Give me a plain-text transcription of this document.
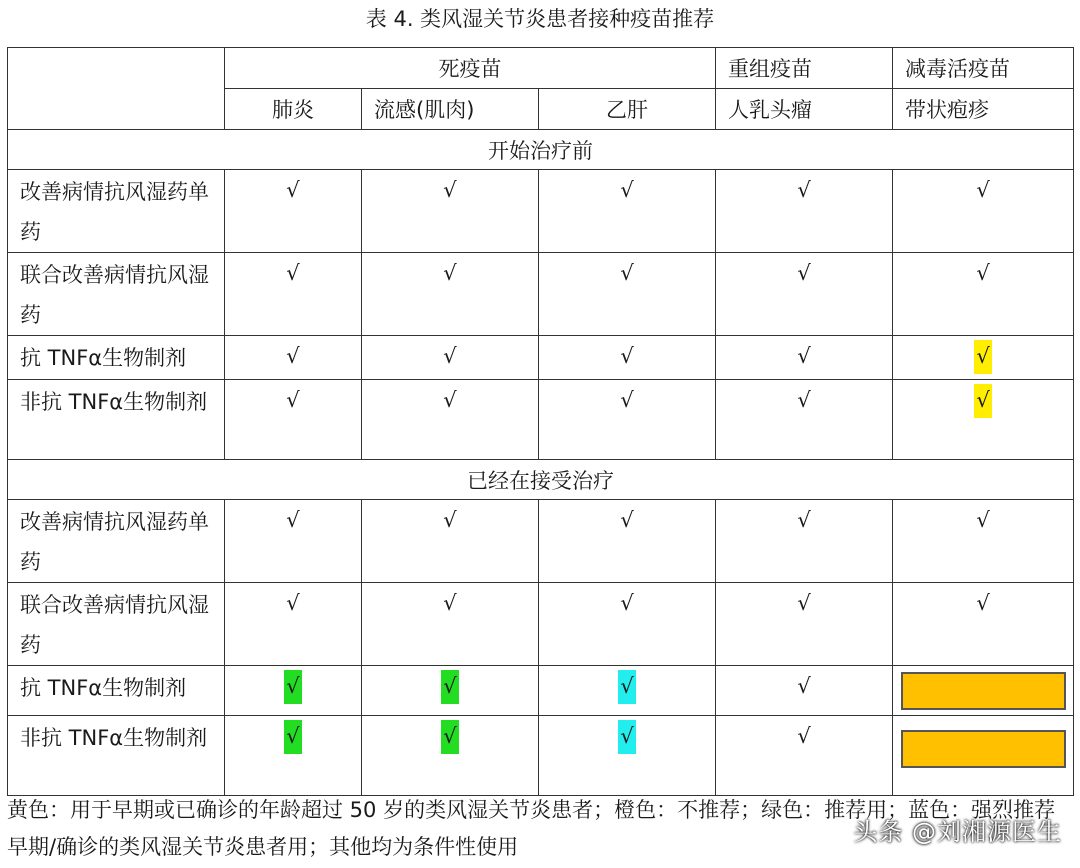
表 4. 类风湿关节炎患者接种疫苗推荐
	死疫苗			重组疫苗	减毒活疫苗
	肺炎	流感(肌肉)	乙肝	人乳头瘤	带状疱疹
开始治疗前					
改善病情抗风湿药单药	√	√	√	√	√
联合改善病情抗风湿药	√	√	√	√	√
抗 TNFα生物制剂	√	√	√	√	√
非抗 TNFα生物制剂	√	√	√	√	√
已经在接受治疗					
改善病情抗风湿药单药	√	√	√	√	√
联合改善病情抗风湿药	√	√	√	√	√
抗 TNFα生物制剂	√	√	√	√	
非抗 TNFα生物制剂	√	√	√	√	
黄色：用于早期或已确诊的年龄超过 50 岁的类风湿关节炎患者；橙色：不推荐；绿色：推荐用；蓝色：强烈推荐早期/确诊的类风湿关节炎患者用；其他均为条件性使用
头条 @刘湘源医生
